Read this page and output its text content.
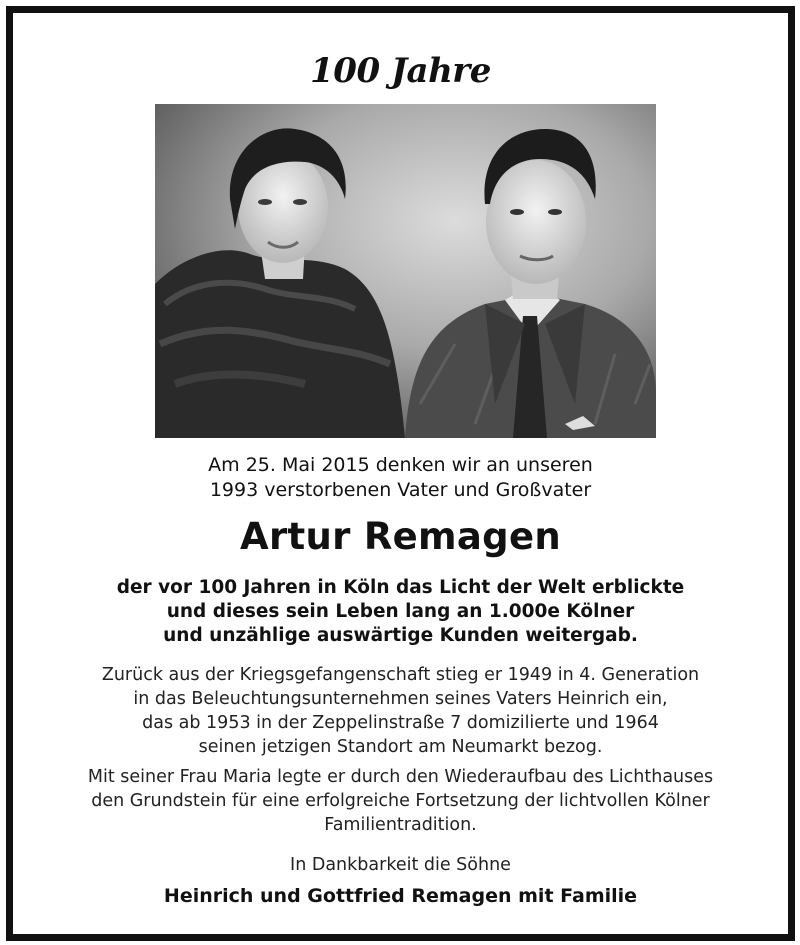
100 Jahre
Am 25. Mai 2015 denken wir an unseren
1993 verstorbenen Vater und Großvater
Artur Remagen
der vor 100 Jahren in Köln das Licht der Welt erblickte
und dieses sein Leben lang an 1.000e Kölner
und unzählige auswärtige Kunden weitergab.
Zurück aus der Kriegsgefangenschaft stieg er 1949 in 4. Generation
in das Beleuchtungsunternehmen seines Vaters Heinrich ein,
das ab 1953 in der Zeppelinstraße 7 domizilierte und 1964
seinen jetzigen Standort am Neumarkt bezog.
Mit seiner Frau Maria legte er durch den Wiederaufbau des Lichthauses
den Grundstein für eine erfolgreiche Fortsetzung der lichtvollen Kölner
Familientradition.
In Dankbarkeit die Söhne
Heinrich und Gottfried Remagen mit Familie
